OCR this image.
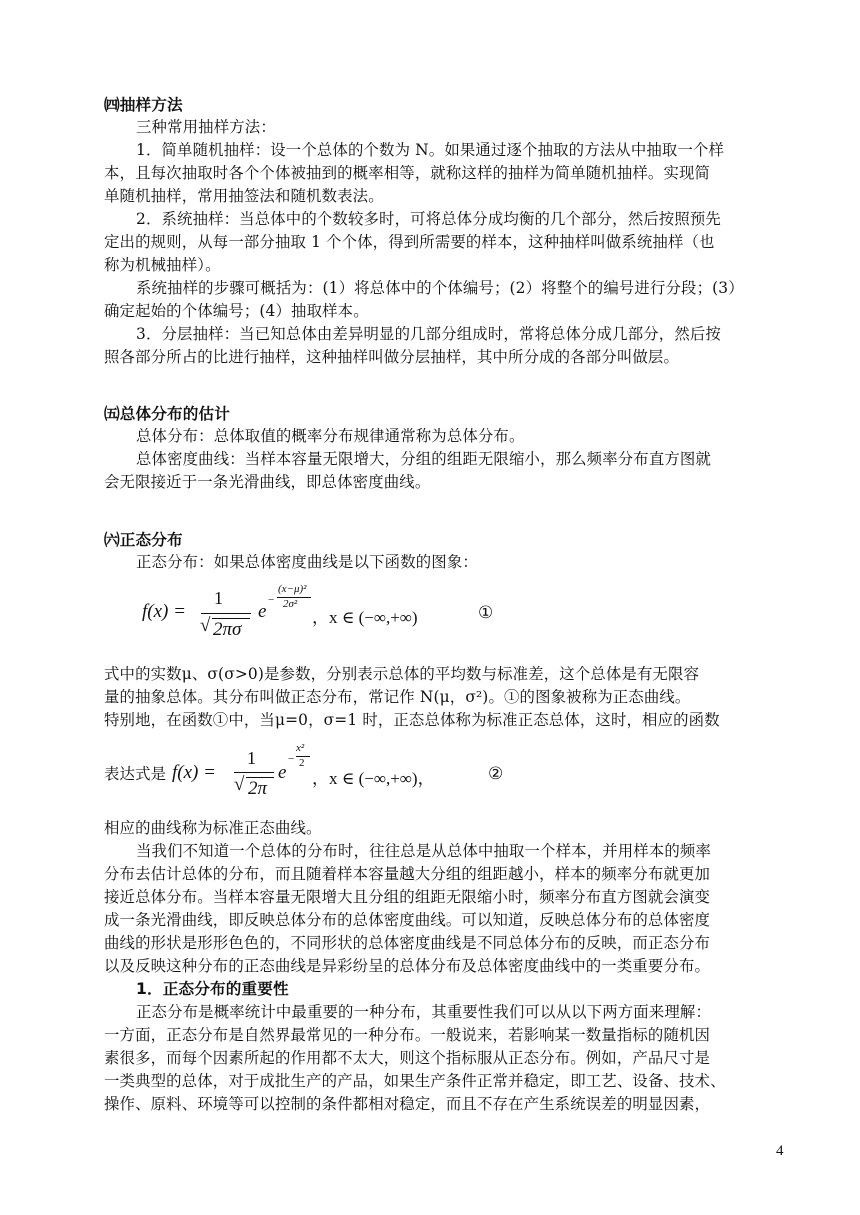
㈣抽样方法
三种常用抽样方法：
1．简单随机抽样：设一个总体的个数为 N。如果通过逐个抽取的方法从中抽取一个样
本，且每次抽取时各个个体被抽到的概率相等，就称这样的抽样为简单随机抽样。实现简
单随机抽样，常用抽签法和随机数表法。
2．系统抽样：当总体中的个数较多时，可将总体分成均衡的几个部分，然后按照预先
定出的规则，从每一部分抽取 1 个个体，得到所需要的样本，这种抽样叫做系统抽样（也
称为机械抽样）。
系统抽样的步骤可概括为：(1）将总体中的个体编号；(2）将整个的编号进行分段；(3）
确定起始的个体编号；(4）抽取样本。
3．分层抽样：当已知总体由差异明显的几部分组成时，常将总体分成几部分，然后按
照各部分所占的比进行抽样，这种抽样叫做分层抽样，其中所分成的各部分叫做层。
㈤总体分布的估计
总体分布：总体取值的概率分布规律通常称为总体分布。
总体密度曲线：当样本容量无限增大，分组的组距无限缩小，那么频率分布直方图就
会无限接近于一条光滑曲线，即总体密度曲线。
㈥正态分布
正态分布：如果总体密度曲线是以下函数的图象：
f(x) =
1
√ 2πσ
e
−
(x−μ)²
2σ²
，x ∈ (−∞,+∞)	①
式中的实数μ、σ(σ>0)是参数，分别表示总体的平均数与标准差，这个总体是有无限容
量的抽象总体。其分布叫做正态分布，常记作 N(μ，σ²)。①的图象被称为正态曲线。
特别地，在函数①中，当μ=0，σ=1 时，正态总体称为标准正态总体，这时，相应的函数
表达式是 f(x) =
1
√ 2π
e
−
x²
2
，x ∈ (−∞,+∞)，	②
相应的曲线称为标准正态曲线。
当我们不知道一个总体的分布时，往往总是从总体中抽取一个样本，并用样本的频率
分布去估计总体的分布，而且随着样本容量越大分组的组距越小，样本的频率分布就更加
接近总体分布。当样本容量无限增大且分组的组距无限缩小时，频率分布直方图就会演变
成一条光滑曲线，即反映总体分布的总体密度曲线。可以知道，反映总体分布的总体密度
曲线的形状是形形色色的，不同形状的总体密度曲线是不同总体分布的反映，而正态分布
以及反映这种分布的正态曲线是异彩纷呈的总体分布及总体密度曲线中的一类重要分布。
1．正态分布的重要性
正态分布是概率统计中最重要的一种分布，其重要性我们可以从以下两方面来理解：
一方面，正态分布是自然界最常见的一种分布。一般说来，若影响某一数量指标的随机因
素很多，而每个因素所起的作用都不太大，则这个指标服从正态分布。例如，产品尺寸是
一类典型的总体，对于成批生产的产品，如果生产条件正常并稳定，即工艺、设备、技术、
操作、原料、环境等可以控制的条件都相对稳定，而且不存在产生系统误差的明显因素，
4
